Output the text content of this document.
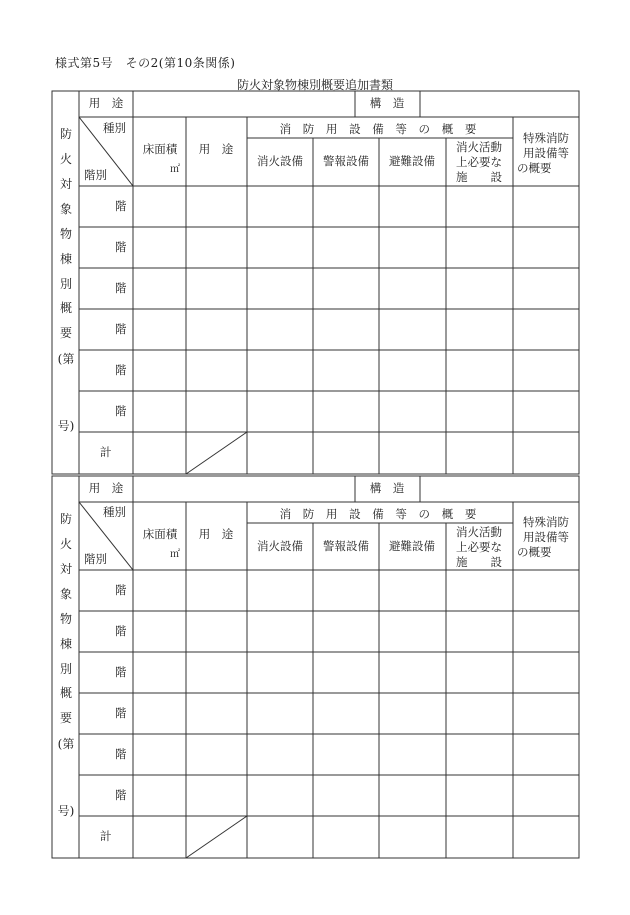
様式第5号　その2(第10条関係)
防火対象物棟別概要追加書類
防
火
対
象
物
棟
別
概
要
(第
号)
用　途	構　造
種別
階別
床面積
㎡
用　途
消 防 用 設 備 等 の 概 要
消火設備 警報設備 避難設備
消火活動
上必要な
施　　設
特殊消防
用設備等
の概要
階
階
階
階
階
階
計
防
火
対
象
物
棟
別
概
要
(第
号)
用　途	構　造
種別
階別
床面積
㎡
用　途
消 防 用 設 備 等 の 概 要
消火設備 警報設備 避難設備
消火活動
上必要な
施　　設
特殊消防
用設備等
の概要
階
階
階
階
階
階
計
